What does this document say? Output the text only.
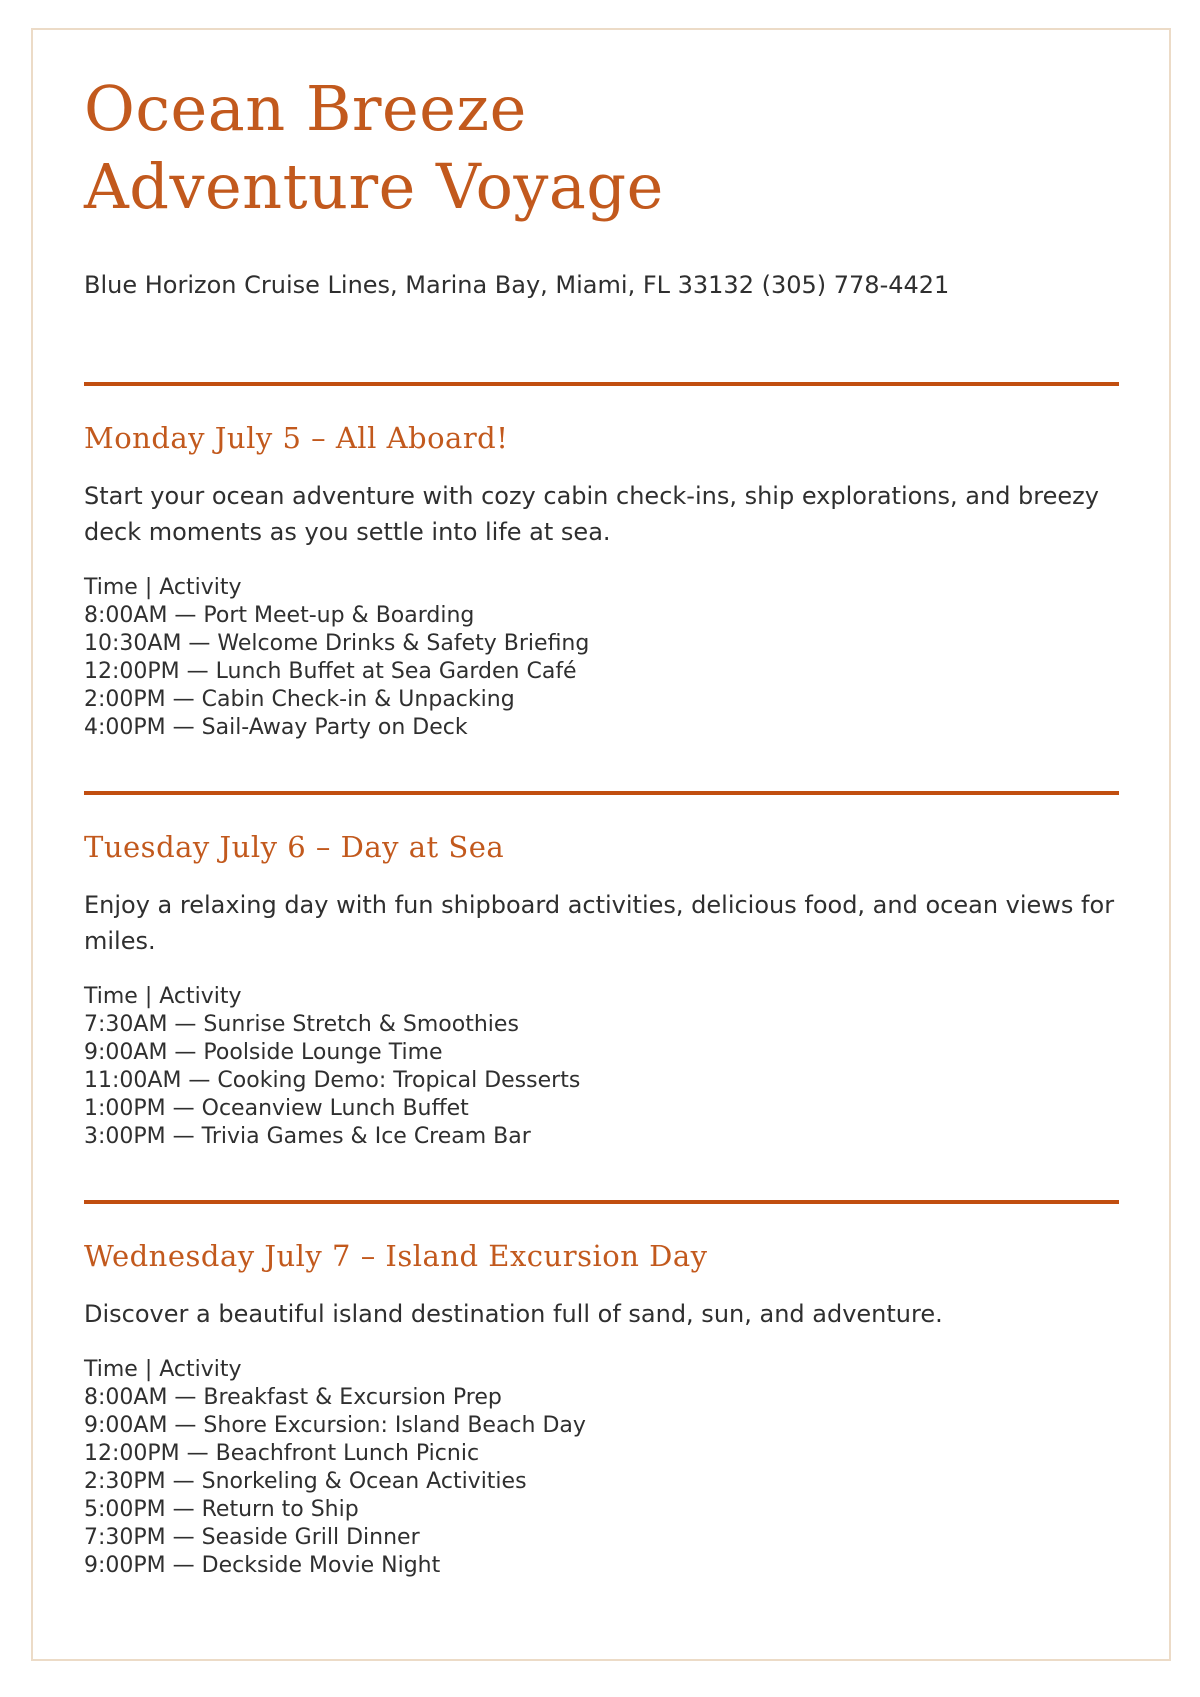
Ocean Breeze
Adventure Voyage

Blue Horizon Cruise Lines, Marina Bay, Miami, FL 33132 (305) 778-4421

Monday July 5 – All Aboard!

Start your ocean adventure with cozy cabin check-ins, ship explorations, and breezy deck moments as you settle into life at sea.

Time | Activity
8:00AM — Port Meet-up & Boarding
10:30AM — Welcome Drinks & Safety Briefing
12:00PM — Lunch Buffet at Sea Garden Café
2:00PM — Cabin Check-in & Unpacking
4:00PM — Sail-Away Party on Deck
Tuesday July 6 – Day at Sea

Enjoy a relaxing day with fun shipboard activities, delicious food, and ocean views for miles.

Time | Activity
7:30AM — Sunrise Stretch & Smoothies
9:00AM — Poolside Lounge Time
11:00AM — Cooking Demo: Tropical Desserts
1:00PM — Oceanview Lunch Buffet
3:00PM — Trivia Games & Ice Cream Bar
Wednesday July 7 – Island Excursion Day

Discover a beautiful island destination full of sand, sun, and adventure.

Time | Activity
8:00AM — Breakfast & Excursion Prep
9:00AM — Shore Excursion: Island Beach Day
12:00PM — Beachfront Lunch Picnic
2:30PM — Snorkeling & Ocean Activities
5:00PM — Return to Ship
7:30PM — Seaside Grill Dinner
9:00PM — Deckside Movie Night
